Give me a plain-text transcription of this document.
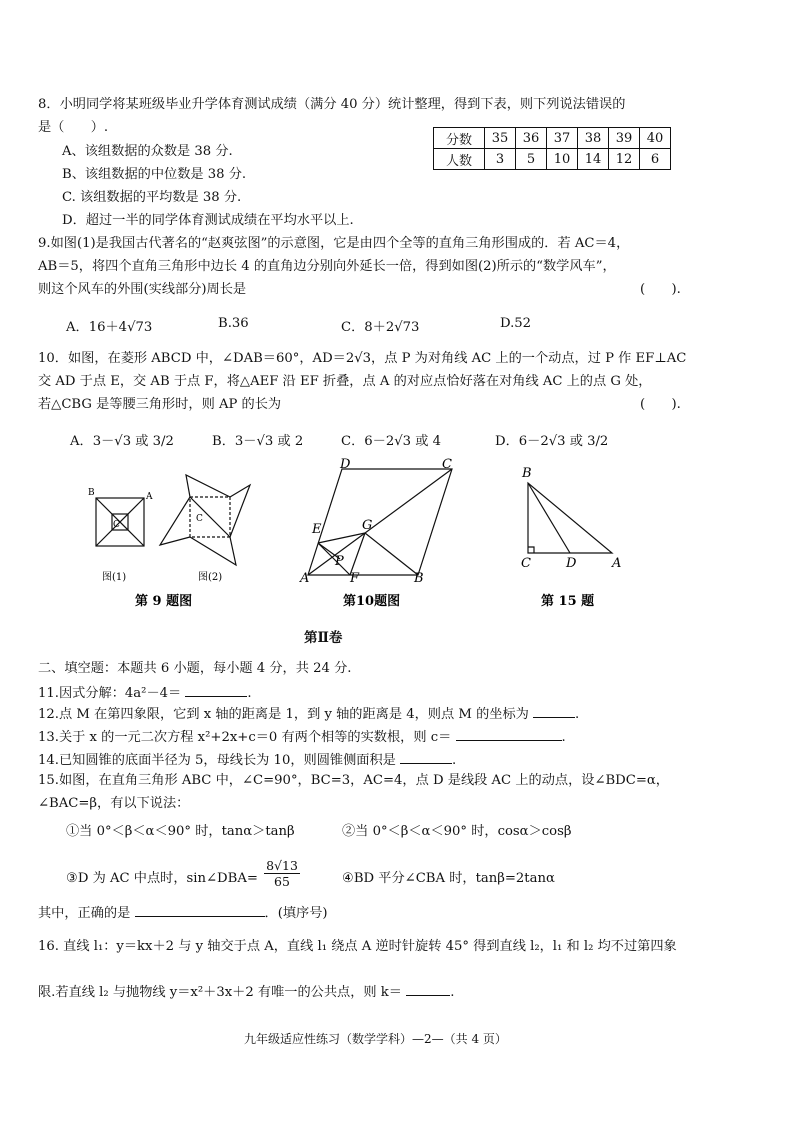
8．小明同学将某班级毕业升学体育测试成绩（满分 40 分）统计整理，得到下表，则下列说法错误的
是（　　）.
分数	35	36	37	38	39	40
人数	3	5	10	14	12	6
A、该组数据的众数是 38 分.
B、该组数据的中位数是 38 分.
C. 该组数据的平均数是 38 分.
D．超过一半的同学体育测试成绩在平均水平以上.
9.如图(1)是我国古代著名的“赵爽弦图”的示意图，它是由四个全等的直角三角形围成的．若 AC＝4，
AB＝5，将四个直角三角形中边长 4 的直角边分别向外延长一倍，得到如图(2)所示的“数学风车”，
则这个风车的外围(实线部分)周长是	(　　).
A．16＋4√73	B.36	C．8＋2√73	D.52
10．如图，在菱形 ABCD 中，∠DAB＝60°，AD＝2√3，点 P 为对角线 AC 上的一个动点，过 P 作 EF⊥AC
交 AD 于点 E，交 AB 于点 F，将△AEF 沿 EF 折叠，点 A 的对应点恰好落在对角线 AC 上的点 G 处，
若△CBG 是等腰三角形时，则 AP 的长为	(　　).
A．3－√3 或 3/2	B．3－√3 或 2	C．6－2√3 或 4	D．6－2√3 或 3/2
B	A
C
C
图(1)	图(2)
第 9 题图
D	C
E	G
P
A	F	B
第10题图
B
C	D	A
第 15 题
第Ⅱ卷
二、填空题：本题共 6 小题，每小题 4 分，共 24 分.
11.因式分解：4a²－4＝	.
12.点 M 在第四象限，它到 x 轴的距离是 1，到 y 轴的距离是 4，则点 M 的坐标为	.
13.关于 x 的一元二次方程 x²+2x+c＝0 有两个相等的实数根，则 c＝	.
14.已知圆锥的底面半径为 5，母线长为 10，则圆锥侧面积是	.
15.如图，在直角三角形 ABC 中，∠C=90°，BC=3，AC=4，点 D 是线段 AC 上的动点，设∠BDC=α，
∠BAC=β，有以下说法：
①当 0°＜β＜α＜90° 时，tanα＞tanβ	②当 0°＜β＜α＜90° 时，cosα＞cosβ
③D 为 AC 中点时，sin∠DBA= $\frac{8√13}{65}$	④BD 平分∠CBA 时，tanβ=2tanα
其中，正确的是	．(填序号)
16. 直线 l₁：y＝kx＋2 与 y 轴交于点 A，直线 l₁ 绕点 A 逆时针旋转 45° 得到直线 l₂，l₁ 和 l₂ 均不过第四象
限.若直线 l₂ 与抛物线 y＝x²＋3x＋2 有唯一的公共点，则 k＝	.
九年级适应性练习（数学学科）—2—（共 4 页）
